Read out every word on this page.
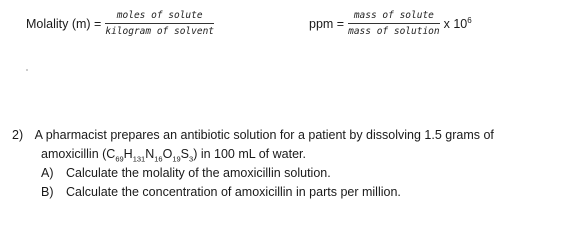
Molality $(m) = \frac{\text{moles of solute}}{\text{kilogram of solvent}}$	ppm = $\frac{\text{mass of solute}}{\text{mass of solution}}$ x $10^6$
2) A pharmacist prepares an antibiotic solution for a patient by dissolving 1.5 grams of
amoxicillin $(C_{69}H_{131}N_{16}O_{19}S_3)$ in 100 mL of water.
A) Calculate the molality of the amoxicillin solution.
B) Calculate the concentration of amoxicillin in parts per million.
